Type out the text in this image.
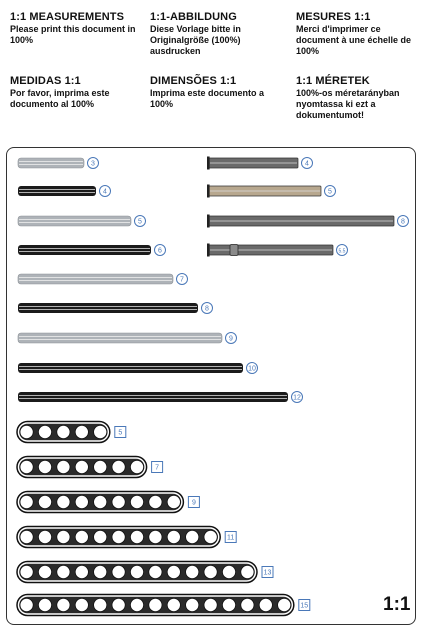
1:1 MEASUREMENTS

Please print this document in 100%

1:1-ABBILDUNG

Diese Vorlage bitte in Originalgröße (100%) ausdrucken

MESURES 1:1

Merci d'imprimer ce document à une échelle de 100%

MEDIDAS 1:1

Por favor, imprima este documento al 100%

DIMENSÕES 1:1

Imprima este documento a 100%

1:1 MÉRETEK

100%-os méretarányban nyomtassa ki ezt a dokumentumot!

3
4
5
6
7
8
9
10
12
4
5
8
5.5
5
7
9
11
13
15	1:1
